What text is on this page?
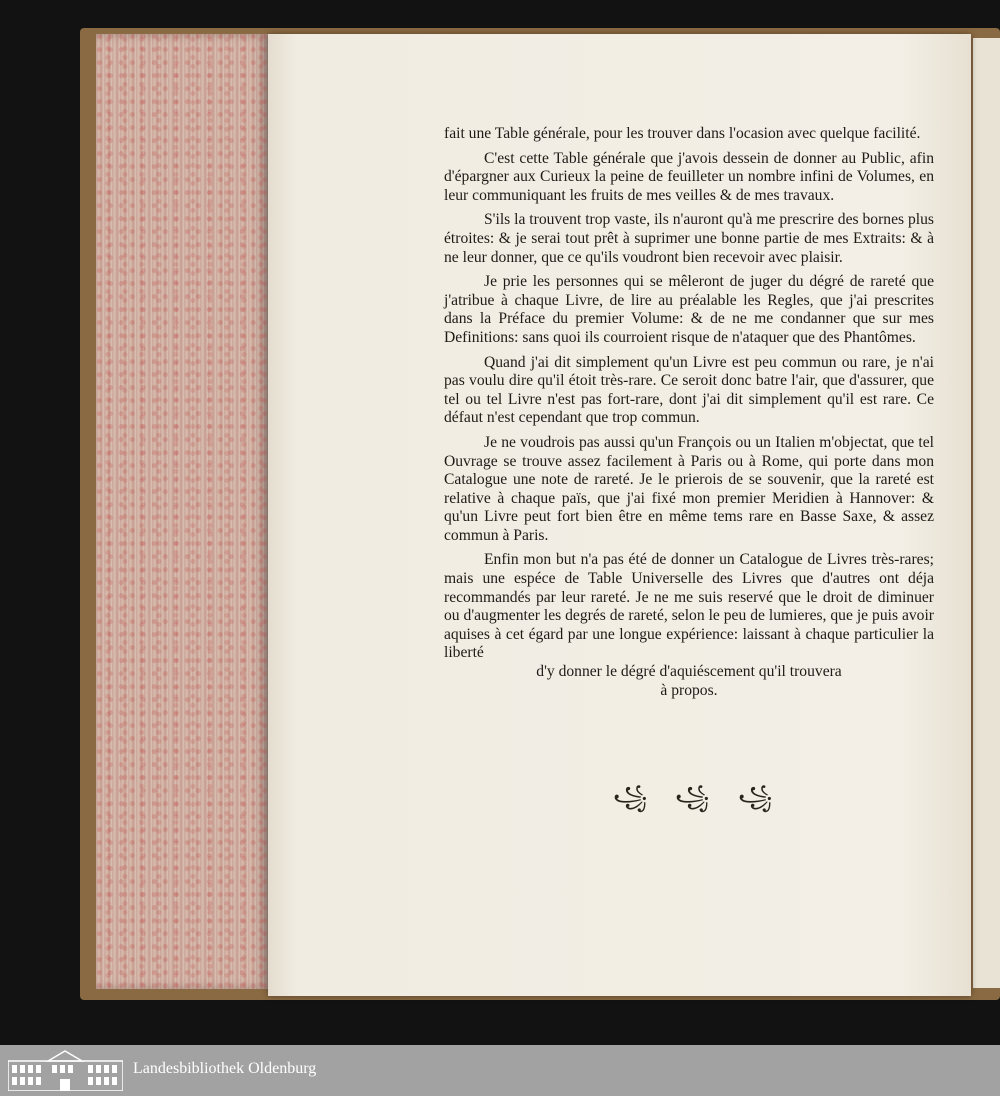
fait une Table générale, pour les trouver dans l'ocasion avec quelque facilité.

C'est cette Table générale que j'avois dessein de donner au Public, afin d'épargner aux Curieux la peine de feuilleter un nombre infini de Volumes, en leur communiquant les fruits de mes veilles & de mes travaux.

S'ils la trouvent trop vaste, ils n'auront qu'à me prescrire des bornes plus étroites: & je serai tout prêt à suprimer une bonne partie de mes Extraits: & à ne leur donner, que ce qu'ils voudront bien recevoir avec plaisir.

Je prie les personnes qui se mêleront de juger du dégré de rareté que j'atribue à chaque Livre, de lire au préalable les Regles, que j'ai prescrites dans la Préface du premier Volume: & de ne me condanner que sur mes Definitions: sans quoi ils courroient risque de n'ataquer que des Phantômes.

Quand j'ai dit simplement qu'un Livre est peu commun ou rare, je n'ai pas voulu dire qu'il étoit très-rare. Ce seroit donc batre l'air, que d'assurer, que tel ou tel Livre n'est pas fort-rare, dont j'ai dit simplement qu'il est rare. Ce défaut n'est cependant que trop commun.

Je ne voudrois pas aussi qu'un François ou un Italien m'objectat, que tel Ouvrage se trouve assez facilement à Paris ou à Rome, qui porte dans mon Catalogue une note de rareté. Je le prierois de se souvenir, que la rareté est relative à chaque païs, que j'ai fixé mon premier Meridien à Hannover: & qu'un Livre peut fort bien être en même tems rare en Basse Saxe, & assez commun à Paris.

Enfin mon but n'a pas été de donner un Catalogue de Livres très-rares; mais une espéce de Table Universelle des Livres que d'autres ont déja recommandés par leur rareté. Je ne me suis reservé que le droit de diminuer ou d'augmenter les degrés de rareté, selon le peu de lumieres, que je puis avoir aquises à cet égard par une longue expérience: laissant à chaque particulier la liberté

d'y donner le dégré d'aquiéscement qu'il trouvera

à propos.

꧁ ꧁ ꧁
Landesbibliothek Oldenburg
